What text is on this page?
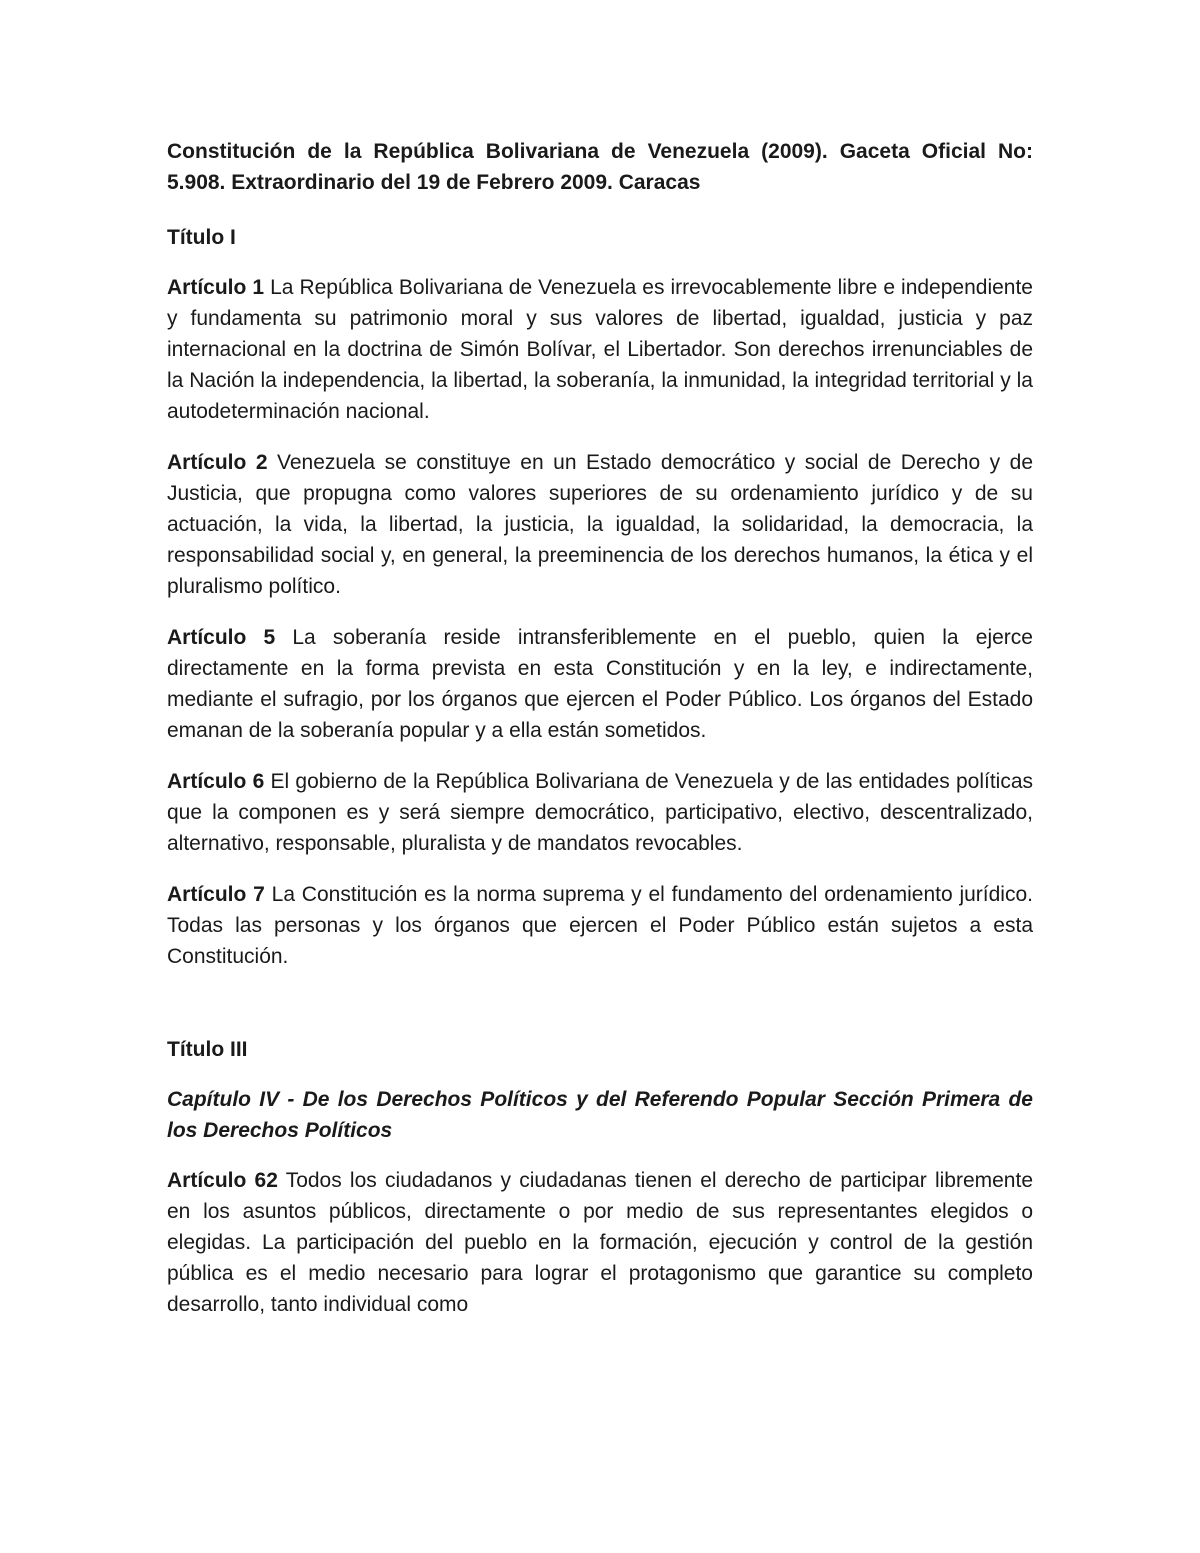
Constitución de la República Bolivariana de Venezuela (2009). Gaceta Oficial No: 5.908. Extraordinario del 19 de Febrero 2009. Caracas

Título I

Artículo 1 La República Bolivariana de Venezuela es irrevocablemente libre e independiente y fundamenta su patrimonio moral y sus valores de libertad, igualdad, justicia y paz internacional en la doctrina de Simón Bolívar, el Libertador. Son derechos irrenunciables de la Nación la independencia, la libertad, la soberanía, la inmunidad, la integridad territorial y la autodeterminación nacional.

Artículo 2 Venezuela se constituye en un Estado democrático y social de Derecho y de Justicia, que propugna como valores superiores de su ordenamiento jurídico y de su actuación, la vida, la libertad, la justicia, la igualdad, la solidaridad, la democracia, la responsabilidad social y, en general, la preeminencia de los derechos humanos, la ética y el pluralismo político.

Artículo 5 La soberanía reside intransferiblemente en el pueblo, quien la ejerce directamente en la forma prevista en esta Constitución y en la ley, e indirectamente, mediante el sufragio, por los órganos que ejercen el Poder Público. Los órganos del Estado emanan de la soberanía popular y a ella están sometidos.

Artículo 6 El gobierno de la República Bolivariana de Venezuela y de las entidades políticas que la componen es y será siempre democrático, participativo, electivo, descentralizado, alternativo, responsable, pluralista y de mandatos revocables.

Artículo 7 La Constitución es la norma suprema y el fundamento del ordenamiento jurídico. Todas las personas y los órganos que ejercen el Poder Público están sujetos a esta Constitución.

Título III

Capítulo IV - De los Derechos Políticos y del Referendo Popular Sección Primera de los Derechos Políticos

Artículo 62 Todos los ciudadanos y ciudadanas tienen el derecho de participar libremente en los asuntos públicos, directamente o por medio de sus representantes elegidos o elegidas. La participación del pueblo en la formación, ejecución y control de la gestión pública es el medio necesario para lograr el protagonismo que garantice su completo desarrollo, tanto individual como
